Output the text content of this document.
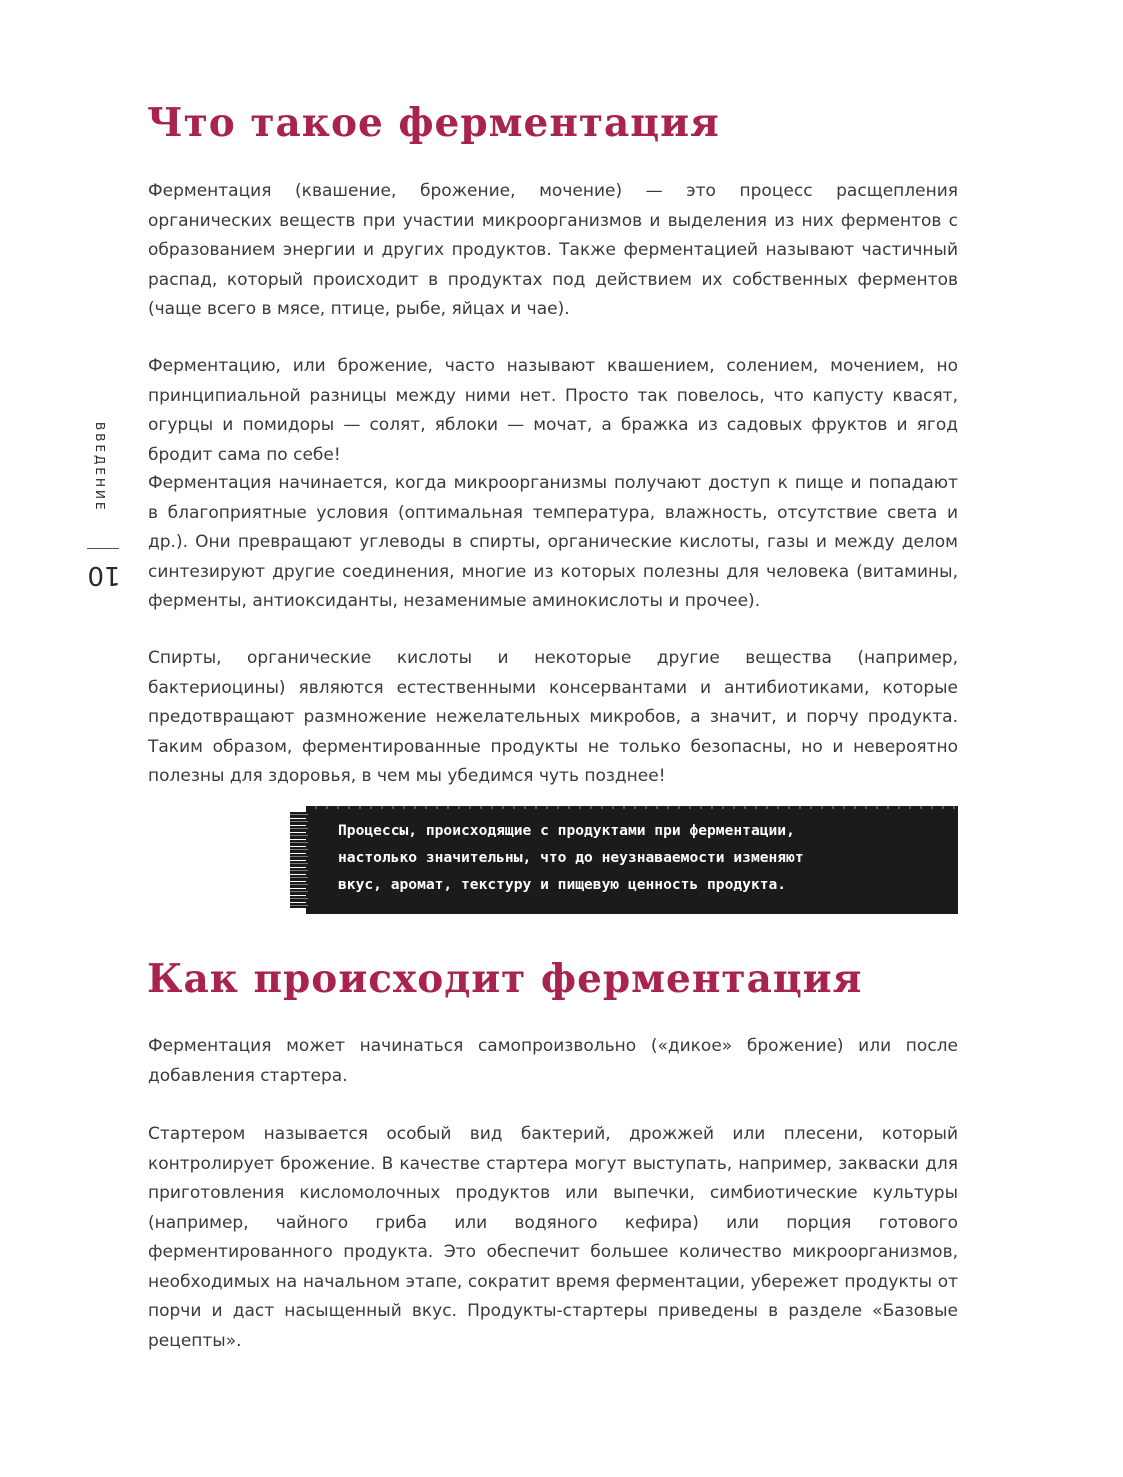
ВВЕДЕНИЕ
10
Что такое ферментация

Ферментация (квашение, брожение, мочение) — это процесс расщепления органических веществ при участии микроорганизмов и выделения из них ферментов с образованием энергии и других продуктов. Также ферментацией называют частичный распад, который происходит в продуктах под действием их собственных ферментов (чаще всего в мясе, птице, рыбе, яйцах и чае).

Ферментацию, или брожение, часто называют квашением, солением, мочением, но принципиальной разницы между ними нет. Просто так повелось, что капусту квасят, огурцы и помидоры — солят, яблоки — мочат, а бражка из садовых фруктов и ягод бродит сама по себе!

Ферментация начинается, когда микроорганизмы получают доступ к пище и попадают в благоприятные условия (оптимальная температура, влажность, отсутствие света и др.). Они превращают углеводы в спирты, органические кислоты, газы и между делом синтезируют другие соединения, многие из которых полезны для человека (витамины, ферменты, антиоксиданты, незаменимые аминокислоты и прочее).

Спирты, органические кислоты и некоторые другие вещества (например, бактериоцины) являются естественными консервантами и антибиотиками, которые предотвращают размножение нежелательных микробов, а значит, и порчу продукта. Таким образом, ферментированные продукты не только безопасны, но и невероятно полезны для здоровья, в чем мы убедимся чуть позднее!

Процессы, происходящие с продуктами при ферментации,
настолько значительны, что до неузнаваемости изменяют
вкус, аромат, текстуру и пищевую ценность продукта.

Как происходит ферментация

Ферментация может начинаться самопроизвольно («дикое» брожение) или после добавления стартера.

Стартером называется особый вид бактерий, дрожжей или плесени, который контролирует брожение. В качестве стартера могут выступать, например, закваски для приготовления кисломолочных продуктов или выпечки, симбиотические культуры (например, чайного гриба или водяного кефира) или порция готового ферментированного продукта. Это обеспечит большее количество микроорганизмов, необходимых на начальном этапе, сократит время ферментации, убережет продукты от порчи и даст насыщенный вкус. Продукты-стартеры приведены в разделе «Базовые рецепты».
